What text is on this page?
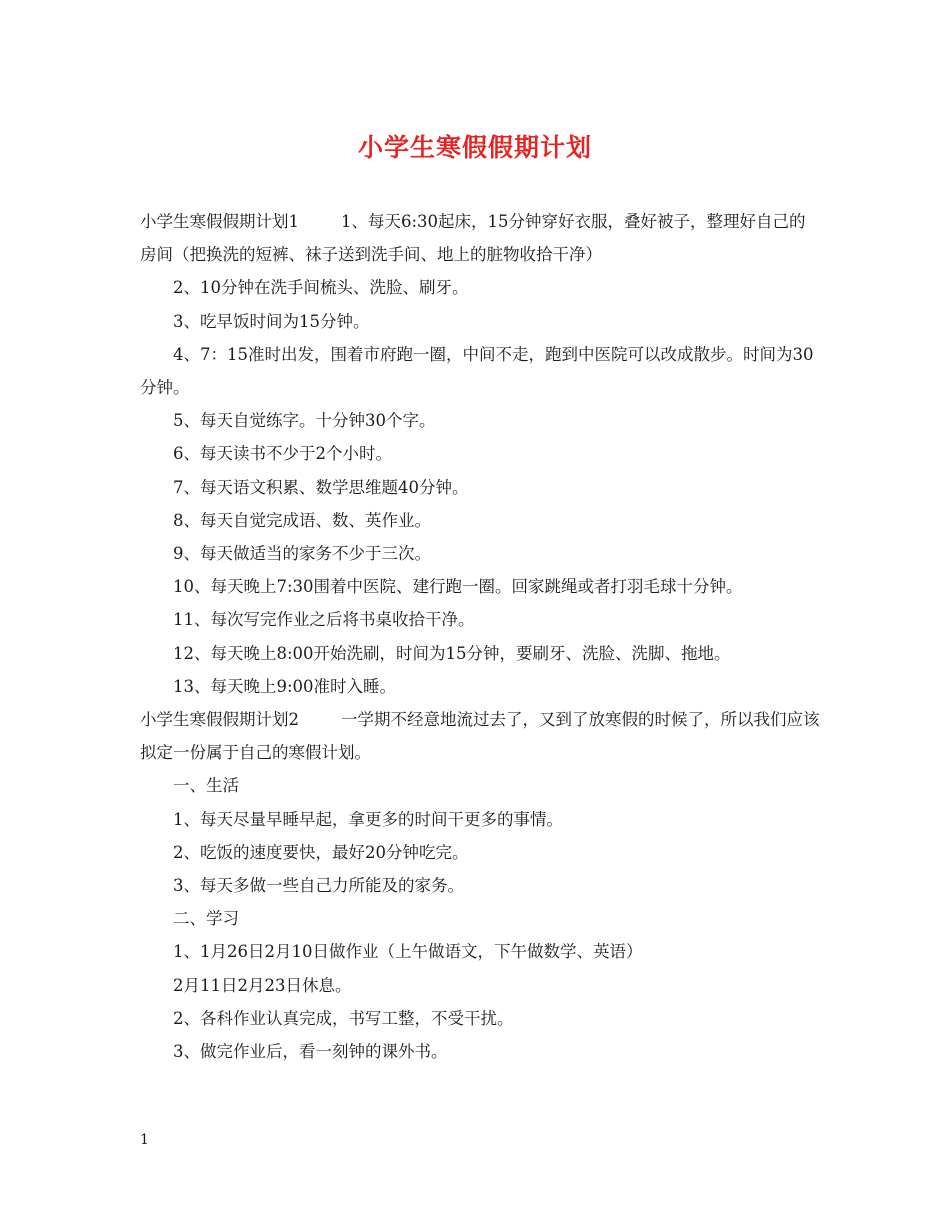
小学生寒假假期计划

小学生寒假假期计划1	1、每天6:30起床，15分钟穿好衣服，叠好被子，整理好自己的房间（把换洗的短裤、袜子送到洗手间、地上的脏物收拾干净）

2、10分钟在洗手间梳头、洗脸、刷牙。

3、吃早饭时间为15分钟。

4、7：15准时出发，围着市府跑一圈，中间不走，跑到中医院可以改成散步。时间为30分钟。

5、每天自觉练字。十分钟30个字。

6、每天读书不少于2个小时。

7、每天语文积累、数学思维题40分钟。

8、每天自觉完成语、数、英作业。

9、每天做适当的家务不少于三次。

10、每天晚上7:30围着中医院、建行跑一圈。回家跳绳或者打羽毛球十分钟。

11、每次写完作业之后将书桌收拾干净。

12、每天晚上8:00开始洗刷，时间为15分钟，要刷牙、洗脸、洗脚、拖地。

13、每天晚上9:00准时入睡。

小学生寒假假期计划2	一学期不经意地流过去了，又到了放寒假的时候了，所以我们应该拟定一份属于自己的寒假计划。

一、生活

1、每天尽量早睡早起，拿更多的时间干更多的事情。

2、吃饭的速度要快，最好20分钟吃完。

3、每天多做一些自己力所能及的家务。

二、学习

1、1月26日2月10日做作业（上午做语文，下午做数学、英语）

2月11日2月23日休息。

2、各科作业认真完成，书写工整，不受干扰。

3、做完作业后，看一刻钟的课外书。

1
